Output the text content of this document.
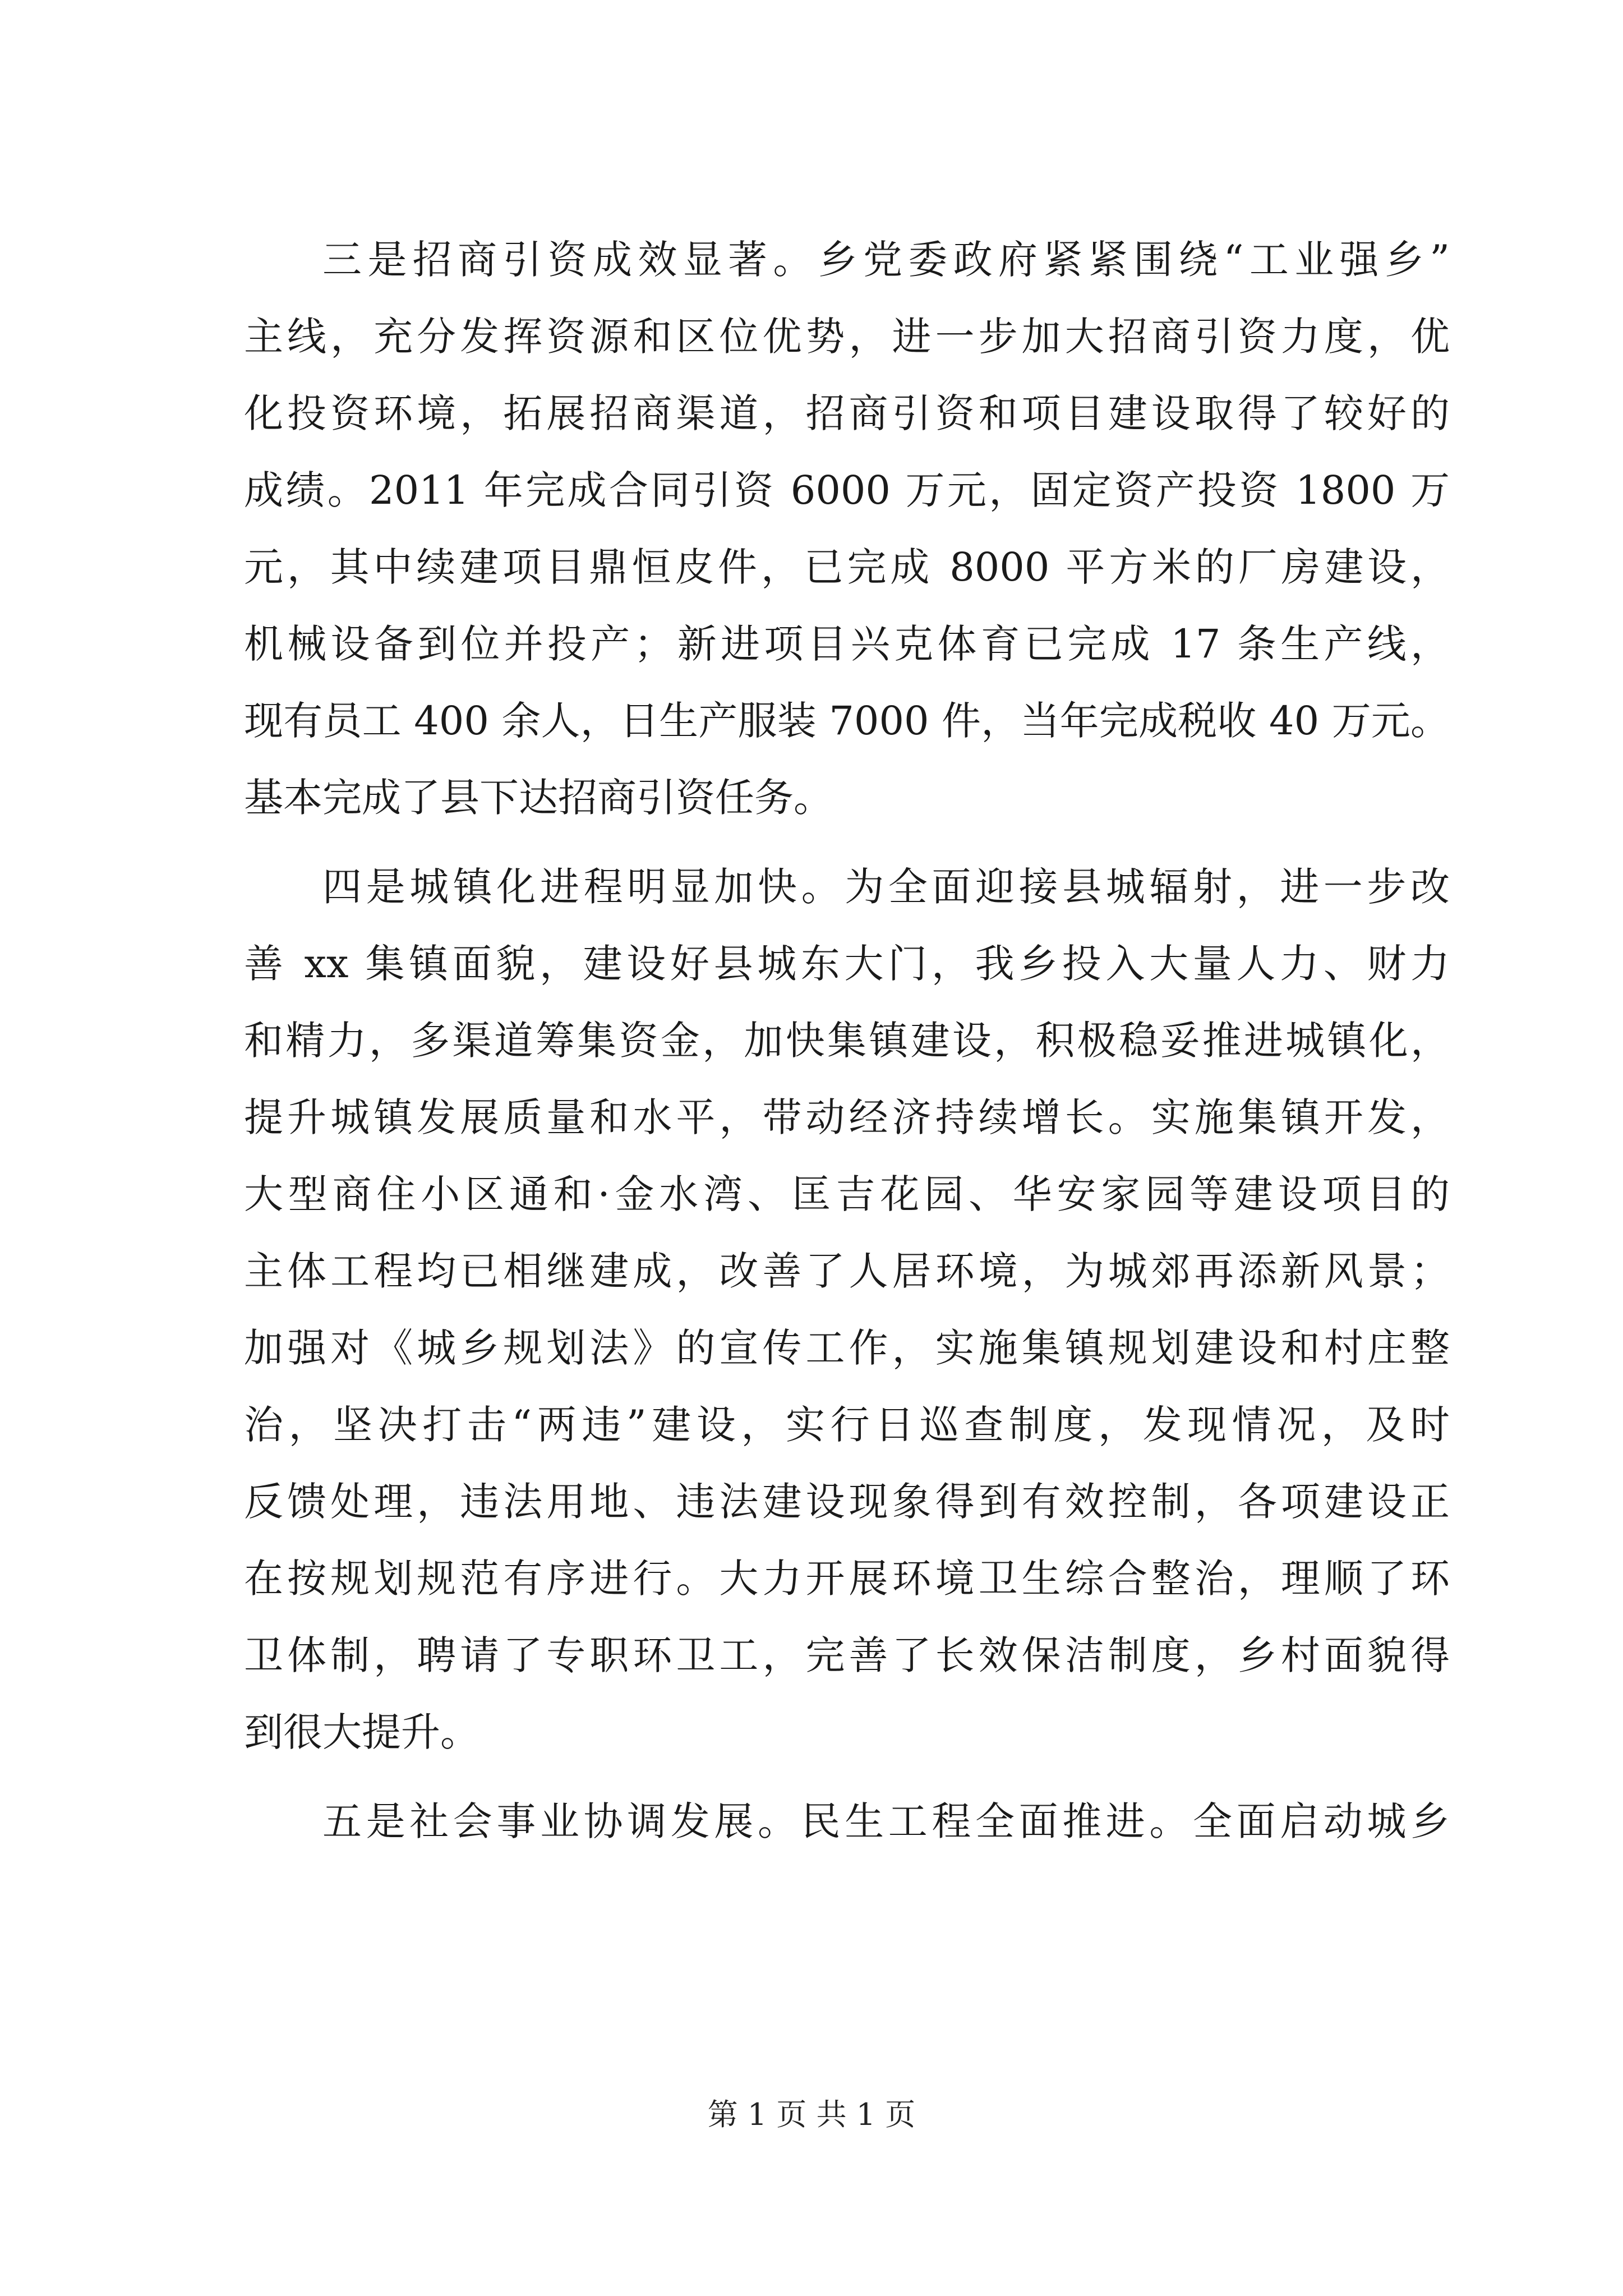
三是招商引资成效显著。乡党委政府紧紧围绕“工业强乡”
主线，充分发挥资源和区位优势，进一步加大招商引资力度，优
化投资环境，拓展招商渠道，招商引资和项目建设取得了较好的
成绩。2011 年完成合同引资 6000 万元，固定资产投资 1800 万
元，其中续建项目鼎恒皮件，已完成 8000 平方米的厂房建设，
机械设备到位并投产；新进项目兴克体育已完成 17 条生产线，
现有员工 400 余人，日生产服装 7000 件，当年完成税收 40 万元。
基本完成了县下达招商引资任务。
四是城镇化进程明显加快。为全面迎接县城辐射，进一步改
善 xx 集镇面貌，建设好县城东大门，我乡投入大量人力、财力
和精力，多渠道筹集资金，加快集镇建设，积极稳妥推进城镇化，
提升城镇发展质量和水平，带动经济持续增长。实施集镇开发，
大型商住小区通和·金水湾、匡吉花园、华安家园等建设项目的
主体工程均已相继建成，改善了人居环境，为城郊再添新风景；
加强对《城乡规划法》的宣传工作，实施集镇规划建设和村庄整
治，坚决打击“两违”建设，实行日巡查制度，发现情况，及时
反馈处理，违法用地、违法建设现象得到有效控制，各项建设正
在按规划规范有序进行。大力开展环境卫生综合整治，理顺了环
卫体制，聘请了专职环卫工，完善了长效保洁制度，乡村面貌得
到很大提升。
五是社会事业协调发展。民生工程全面推进。全面启动城乡
第 1 页 共 1 页
